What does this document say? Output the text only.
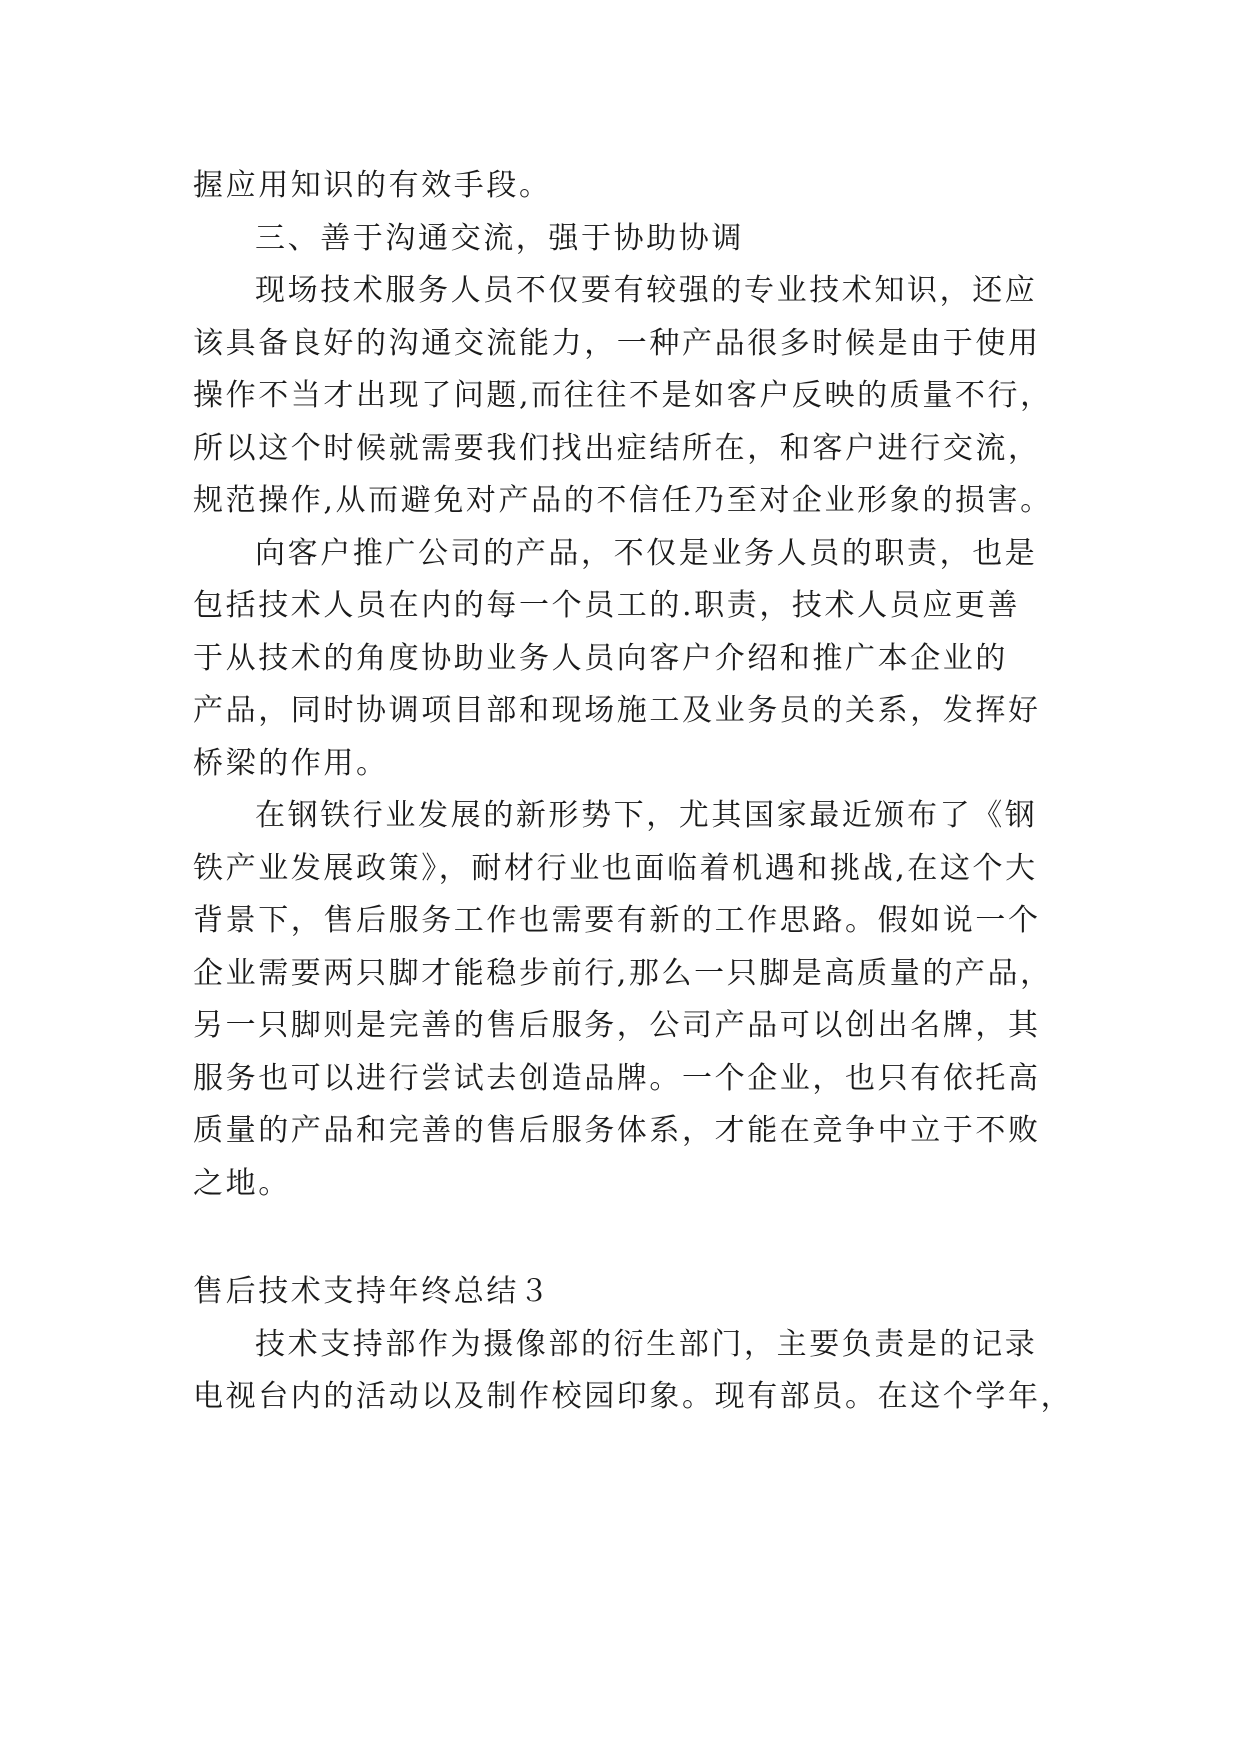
握应用知识的有效手段。

三、善于沟通交流，强于协助协调

现场技术服务人员不仅要有较强的专业技术知识，还应

该具备良好的沟通交流能力，一种产品很多时候是由于使用

操作不当才出现了问题,而往往不是如客户反映的质量不行，

所以这个时候就需要我们找出症结所在，和客户进行交流，

规范操作,从而避免对产品的不信任乃至对企业形象的损害。

向客户推广公司的产品，不仅是业务人员的职责，也是

包括技术人员在内的每一个员工的.职责，技术人员应更善

于从技术的角度协助业务人员向客户介绍和推广本企业的

产品，同时协调项目部和现场施工及业务员的关系，发挥好

桥梁的作用。

在钢铁行业发展的新形势下，尤其国家最近颁布了《钢

铁产业发展政策》，耐材行业也面临着机遇和挑战,在这个大

背景下，售后服务工作也需要有新的工作思路。假如说一个

企业需要两只脚才能稳步前行,那么一只脚是高质量的产品，

另一只脚则是完善的售后服务，公司产品可以创出名牌，其

服务也可以进行尝试去创造品牌。一个企业，也只有依托高

质量的产品和完善的售后服务体系，才能在竞争中立于不败

之地。

售后技术支持年终总结３

技术支持部作为摄像部的衍生部门，主要负责是的记录

电视台内的活动以及制作校园印象。现有部员。在这个学年，
